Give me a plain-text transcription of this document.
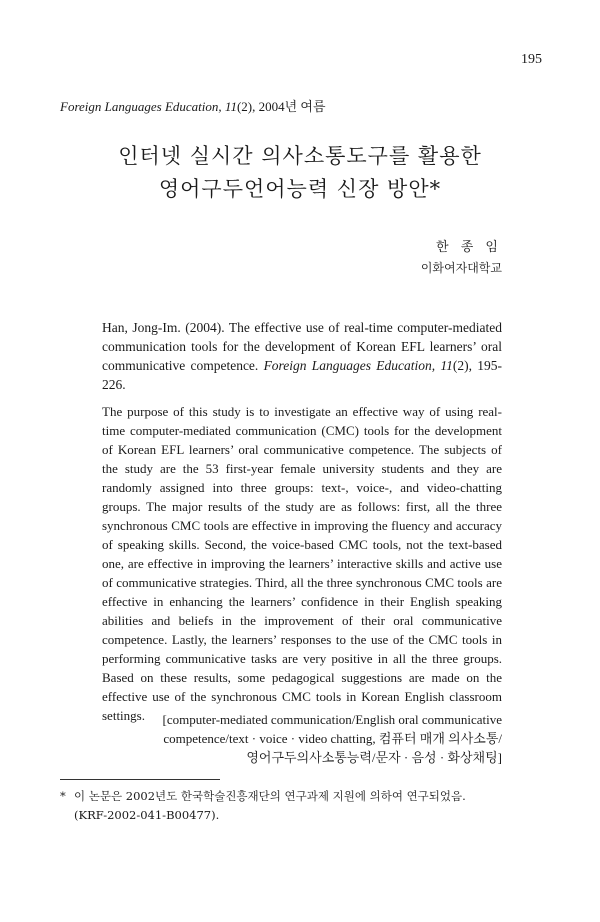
195
Foreign Languages Education, 11(2), 2004년 여름
인터넷 실시간 의사소통도구를 활용한
영어구두언어능력 신장 방안*
한 종 임
이화여자대학교
Han, Jong-Im. (2004). The effective use of real-time computer-mediated communication tools for the development of Korean EFL learners’ oral communicative competence. Foreign Languages Education, 11(2), 195-226.
The purpose of this study is to investigate an effective way of using real-time computer-mediated communication (CMC) tools for the development of Korean EFL learners’ oral communicative competence. The subjects of the study are the 53 first-year female university students and they are randomly assigned into three groups: text-, voice-, and video-chatting groups. The major results of the study are as follows: first, all the three synchronous CMC tools are effective in improving the fluency and accuracy of speaking skills. Second, the voice-based CMC tools, not the text-based one, are effective in improving the learners’ interactive skills and active use of communicative strategies. Third, all the three synchronous CMC tools are effective in enhancing the learners’ confidence in their English speaking abilities and beliefs in the improvement of their oral communicative competence. Lastly, the learners’ responses to the use of the CMC tools in performing communicative tasks are very positive in all the three groups. Based on these results, some pedagogical suggestions are made on the effective use of the synchronous CMC tools in Korean English classroom settings.	[computer-mediated communication/English oral communicative
competence/text · voice · video chatting, 컴퓨터 매개 의사소통/
영어구두의사소통능력/문자 · 음성 · 화상채팅]
* 이 논문은 2002년도 한국학술진흥재단의 연구과제 지원에 의하여 연구되었음.
(KRF-2002-041-B00477).
